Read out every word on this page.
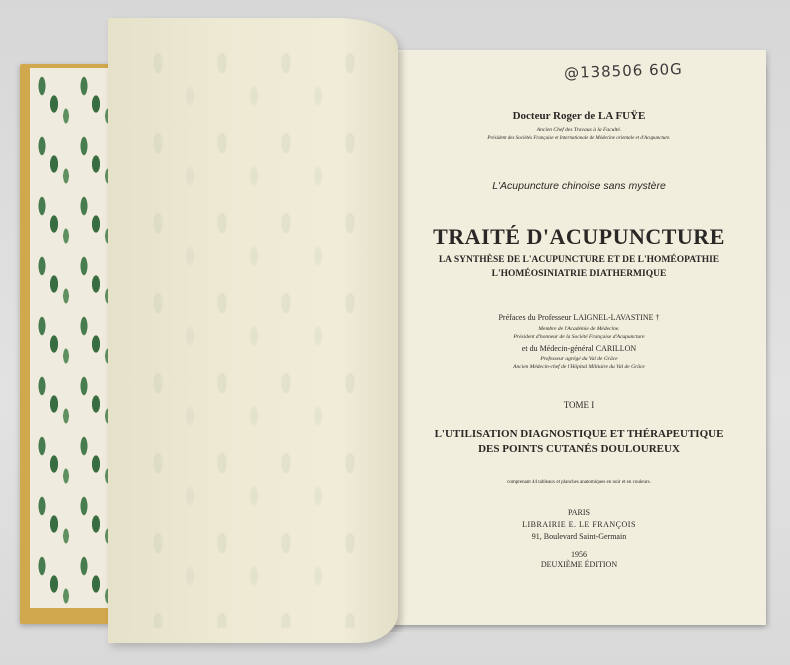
Docteur Roger de LA FUŸE
Ancien Chef des Travaux à la Faculté.
Président des Sociétés Française et Internationale de Médecine orientale et d'Acupuncture.
L'Acupuncture chinoise sans mystère
TRAITÉ D'ACUPUNCTURE
LA SYNTHÈSE DE L'ACUPUNCTURE ET DE L'HOMÉOPATHIE
L'HOMÉOSINIATRIE DIATHERMIQUE
Préfaces du Professeur LAIGNEL-LAVASTINE †
Membre de l'Académie de Médecine.
Président d'honneur de la Société Française d'Acupuncture
et du Médecin-général CARILLON
Professeur agrégé du Val de Grâce
Ancien Médecin-chef de l'Hôpital Militaire du Val de Grâce
TOME I
L'UTILISATION DIAGNOSTIQUE ET THÉRAPEUTIQUE
DES POINTS CUTANÉS DOULOUREUX
comprenant 44 tableaux et planches anatomiques en noir et en couleurs.
PARIS
LIBRAIRIE E. LE FRANÇOIS
91, Boulevard Saint-Germain
1956
DEUXIÈME ÉDITION
@138506 60G
